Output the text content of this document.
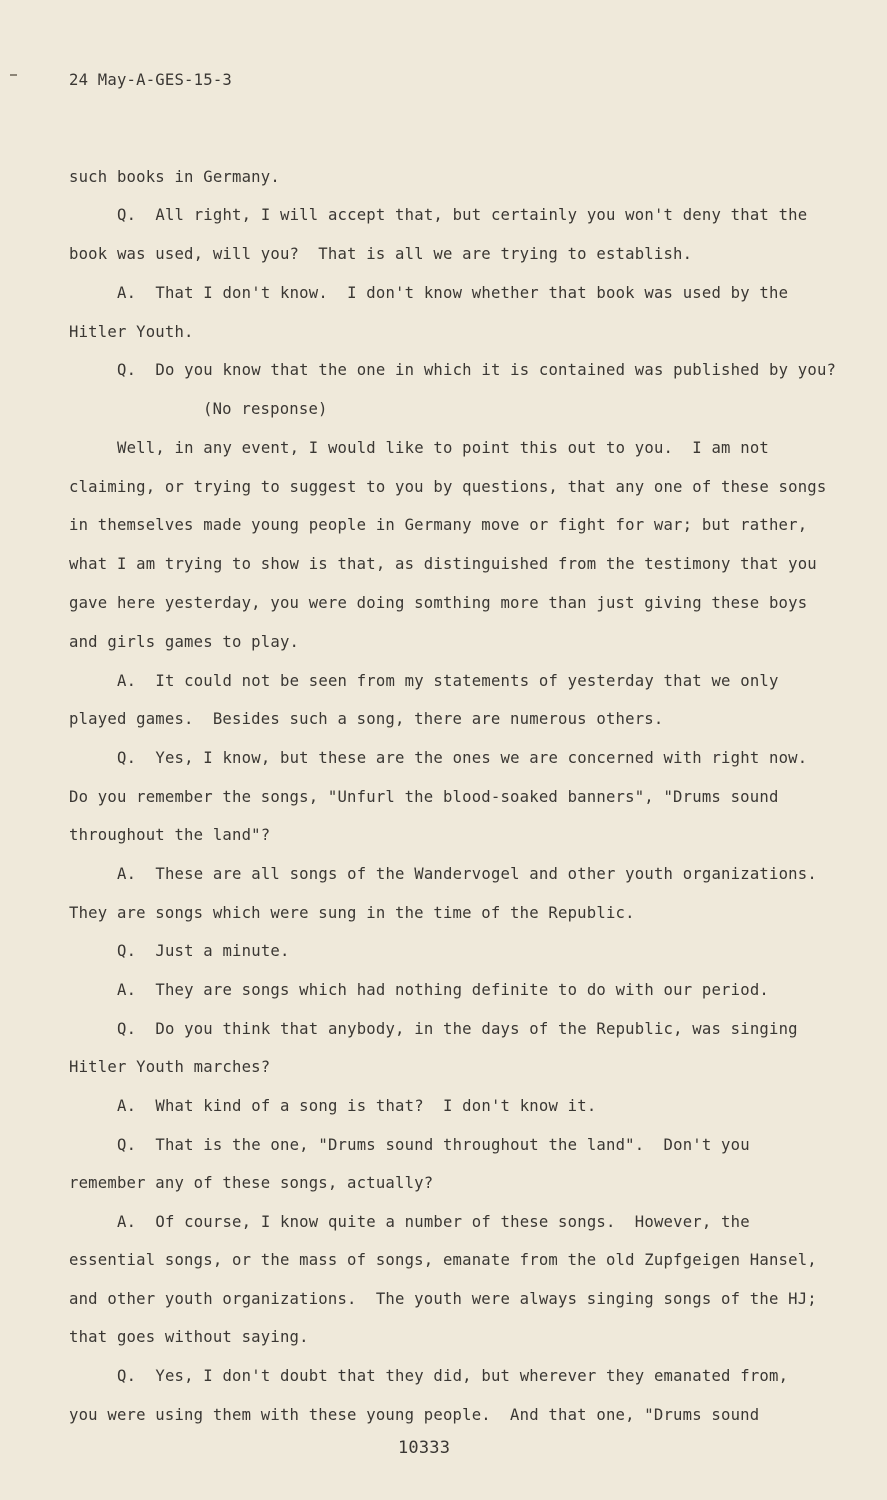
24 May-A-GES-15-3
such books in Germany.
Q.  All right, I will accept that, but certainly you won't deny that the
book was used, will you?  That is all we are trying to establish.
A.  That I don't know.  I don't know whether that book was used by the
Hitler Youth.
Q.  Do you know that the one in which it is contained was published by you?
(No response)
Well, in any event, I would like to point this out to you.  I am not
claiming, or trying to suggest to you by questions, that any one of these songs
in themselves made young people in Germany move or fight for war; but rather,
what I am trying to show is that, as distinguished from the testimony that you
gave here yesterday, you were doing somthing more than just giving these boys
and girls games to play.
A.  It could not be seen from my statements of yesterday that we only
played games.  Besides such a song, there are numerous others.
Q.  Yes, I know, but these are the ones we are concerned with right now.
Do you remember the songs, "Unfurl the blood-soaked banners", "Drums sound
throughout the land"?
A.  These are all songs of the Wandervogel and other youth organizations.
They are songs which were sung in the time of the Republic.
Q.  Just a minute.
A.  They are songs which had nothing definite to do with our period.
Q.  Do you think that anybody, in the days of the Republic, was singing
Hitler Youth marches?
A.  What kind of a song is that?  I don't know it.
Q.  That is the one, "Drums sound throughout the land".  Don't you
remember any of these songs, actually?
A.  Of course, I know quite a number of these songs.  However, the
essential songs, or the mass of songs, emanate from the old Zupfgeigen Hansel,
and other youth organizations.  The youth were always singing songs of the HJ;
that goes without saying.
Q.  Yes, I don't doubt that they did, but wherever they emanated from,
you were using them with these young people.  And that one, "Drums sound
10333
